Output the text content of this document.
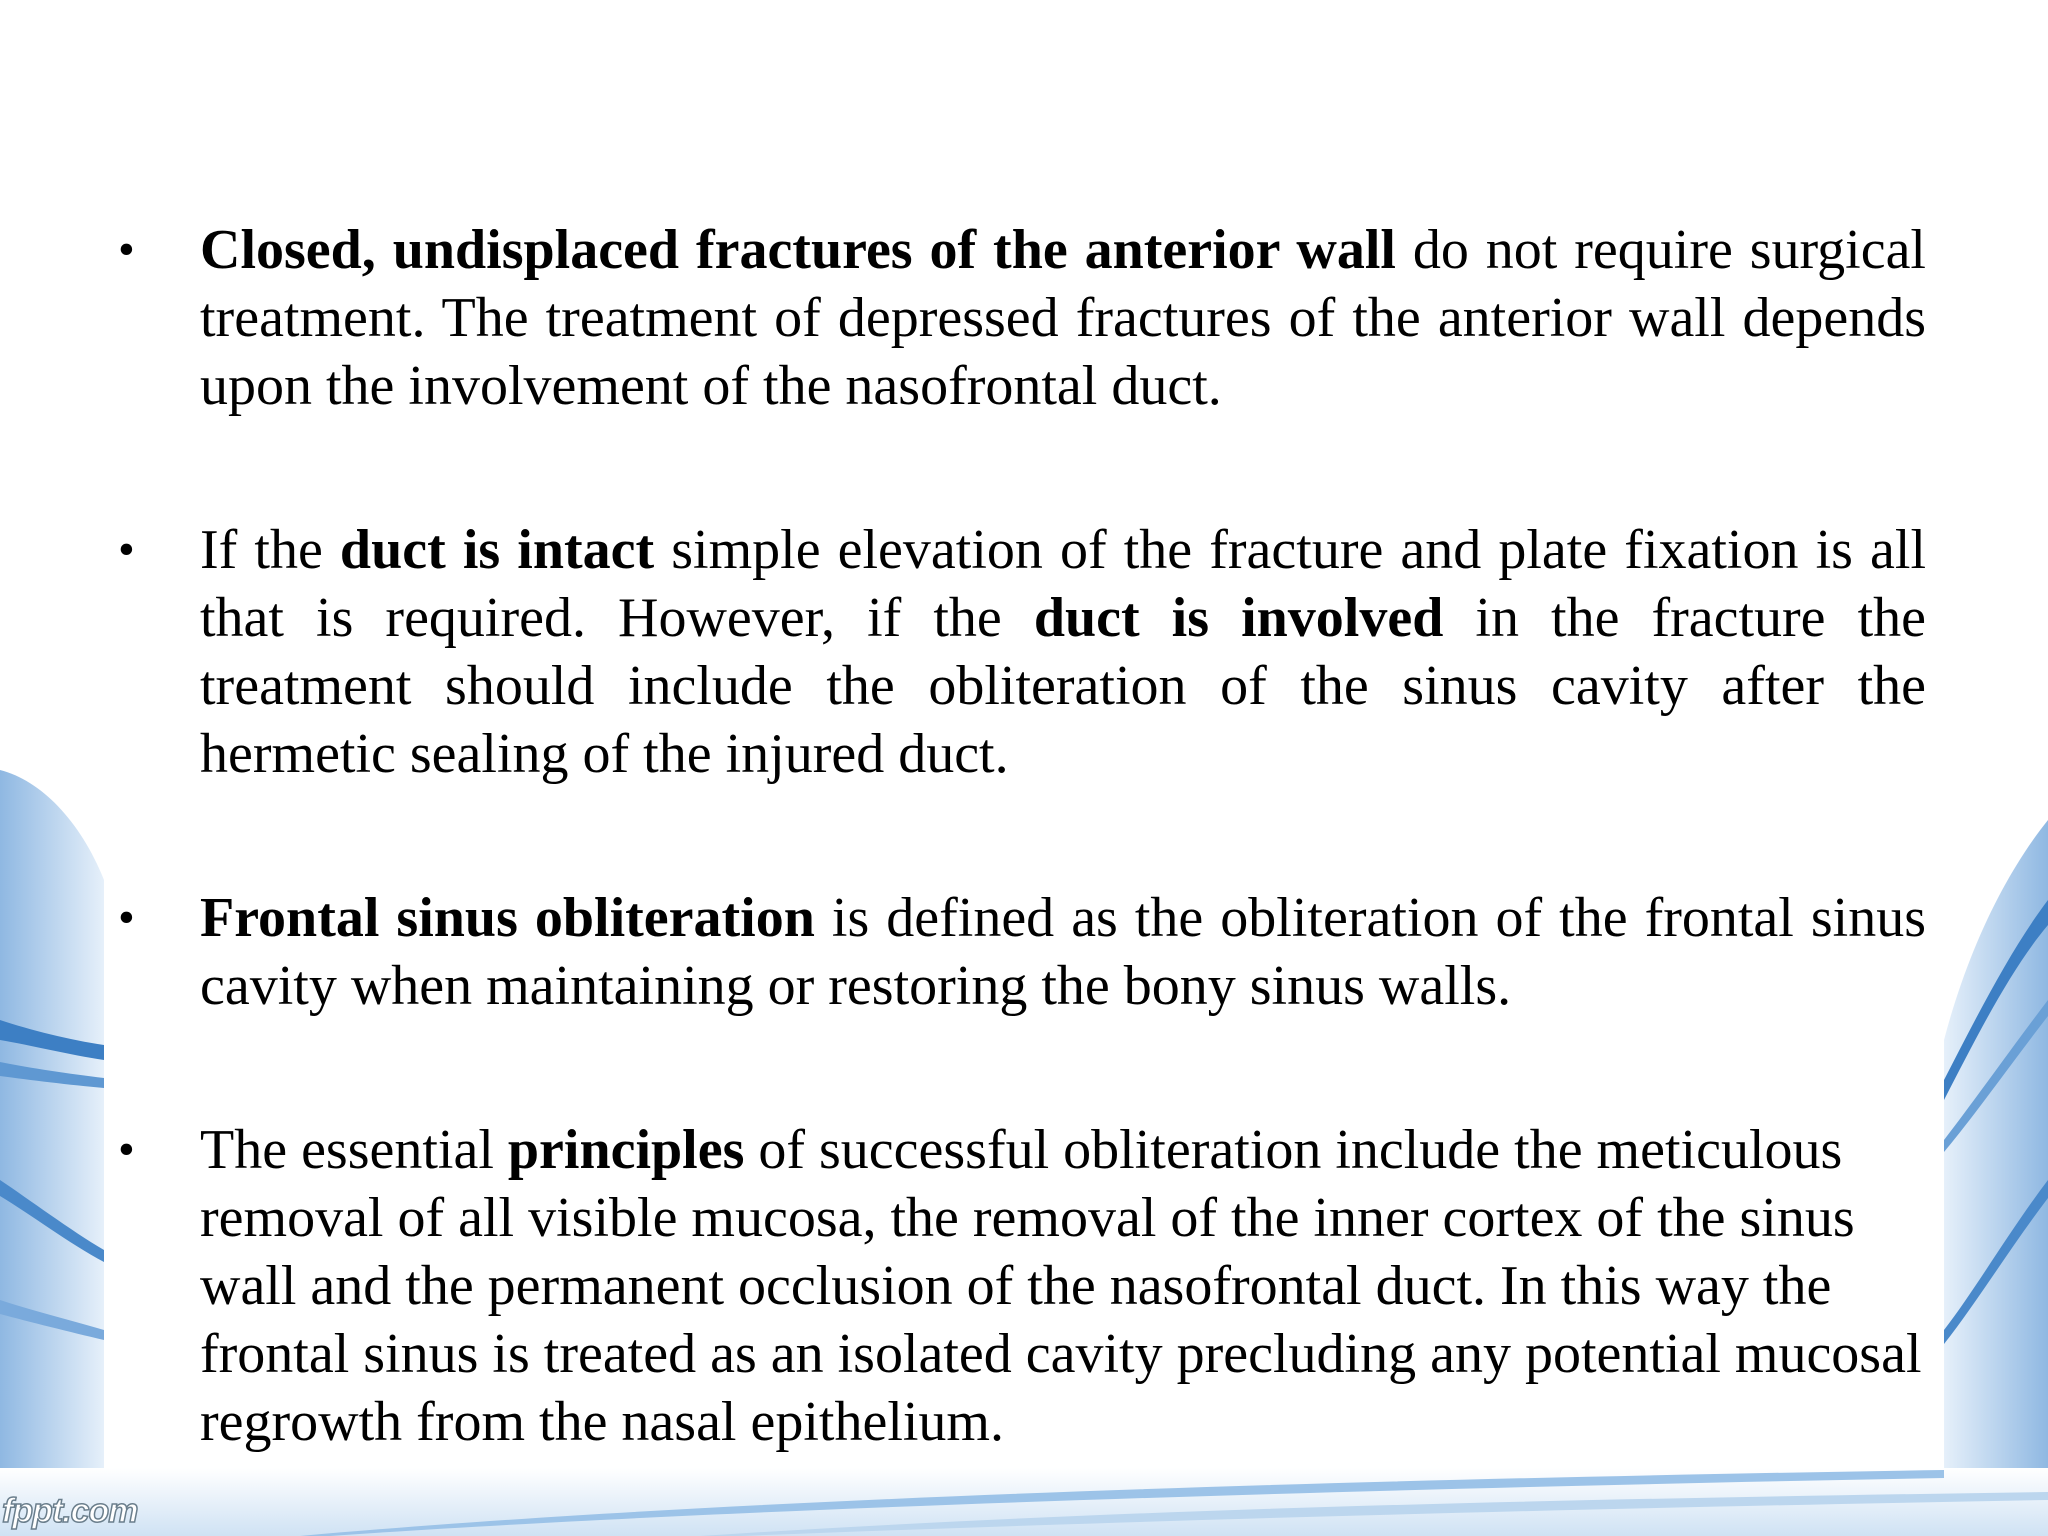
•	Closed, undisplaced fractures of the anterior wall do not require surgical treatment. The treatment of depressed fractures of the anterior wall depends upon the involvement of the nasofrontal duct.
•	If the duct is intact simple elevation of the fracture and plate fixation is all that is required. However, if the duct is involved in the fracture the treatment should include the obliteration of the sinus cavity after the hermetic sealing of the injured duct.
•	Frontal sinus obliteration is defined as the obliteration of the frontal sinus cavity when maintaining or restoring the bony sinus walls.
•	The essential principles of successful obliteration include the meticulous removal of all visible mucosa, the removal of the inner cortex of the sinus wall and the permanent occlusion of the nasofrontal duct. In this way the frontal sinus is treated as an isolated cavity precluding any potential mucosal regrowth from the nasal epithelium.
fppt.com
